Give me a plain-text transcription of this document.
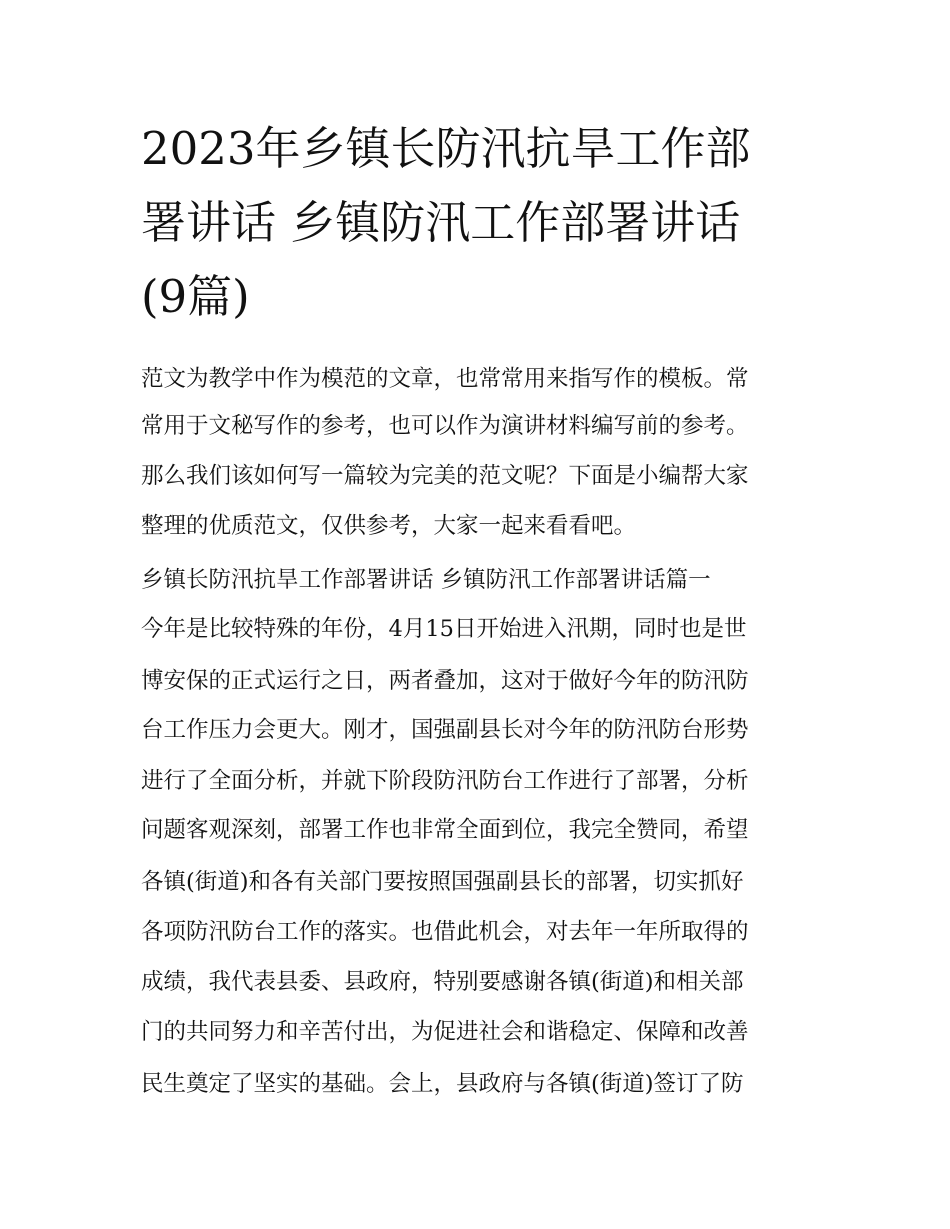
2023年乡镇长防汛抗旱工作部
署讲话 乡镇防汛工作部署讲话
(9篇)

范文为教学中作为模范的文章，也常常用来指写作的模板。常

常用于文秘写作的参考，也可以作为演讲材料编写前的参考。

那么我们该如何写一篇较为完美的范文呢？下面是小编帮大家

整理的优质范文，仅供参考，大家一起来看看吧。

乡镇长防汛抗旱工作部署讲话 乡镇防汛工作部署讲话篇一

今年是比较特殊的年份，4月15日开始进入汛期，同时也是世

博安保的正式运行之日，两者叠加，这对于做好今年的防汛防

台工作压力会更大。刚才，国强副县长对今年的防汛防台形势

进行了全面分析，并就下阶段防汛防台工作进行了部署，分析

问题客观深刻，部署工作也非常全面到位，我完全赞同，希望

各镇(街道)和各有关部门要按照国强副县长的部署，切实抓好

各项防汛防台工作的落实。也借此机会，对去年一年所取得的

成绩，我代表县委、县政府，特别要感谢各镇(街道)和相关部

门的共同努力和辛苦付出，为促进社会和谐稳定、保障和改善

民生奠定了坚实的基础。会上，县政府与各镇(街道)签订了防
